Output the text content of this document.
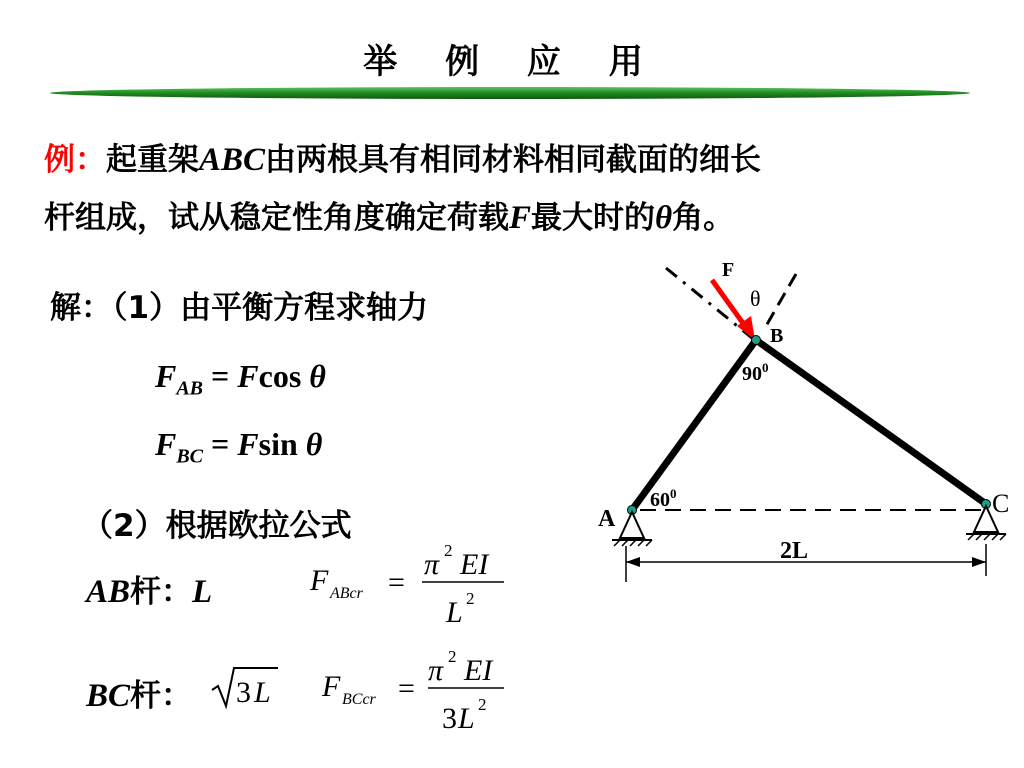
举 例 应 用
例：起重架ABC由两根具有相同材料相同截面的细长
杆组成，试从稳定性角度确定荷载F最大时的θ角。
解：（1）由平衡方程求轴力
$F_{AB} = Fcos$ θ
$F_{BC} = Fsin$ θ
（2）根据欧拉公式
AB杆：L
BC杆： 3 L
F ABcr =
π 2 EI
L 2
F BCcr =
π 2 EI
3 L 2
F
θ
B
$90^0$
A
$60^0$	C
2L
